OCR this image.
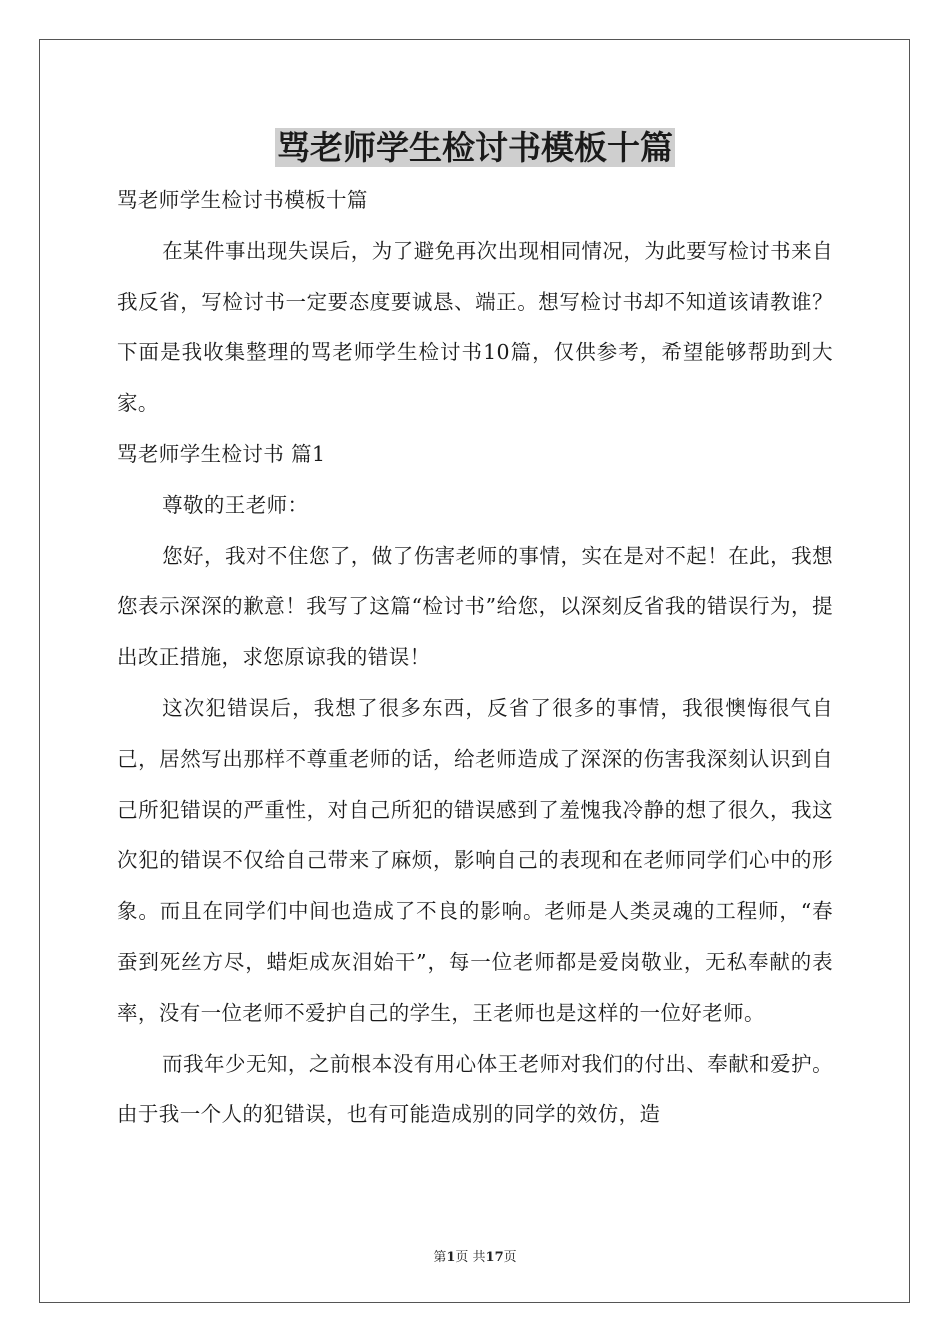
骂老师学生检讨书模板十篇

骂老师学生检讨书模板十篇

在某件事出现失误后，为了避免再次出现相同情况，为此要写检讨书来自我反省，写检讨书一定要态度要诚恳、端正。想写检讨书却不知道该请教谁？下面是我收集整理的骂老师学生检讨书10篇，仅供参考，希望能够帮助到大家。

骂老师学生检讨书 篇1

尊敬的王老师：

您好，我对不住您了，做了伤害老师的事情，实在是对不起！在此，我想您表示深深的歉意！我写了这篇“检讨书”给您，以深刻反省我的错误行为，提出改正措施，求您原谅我的错误！

这次犯错误后，我想了很多东西，反省了很多的事情，我很懊悔很气自己，居然写出那样不尊重老师的话，给老师造成了深深的伤害我深刻认识到自己所犯错误的严重性，对自己所犯的错误感到了羞愧我冷静的想了很久，我这次犯的错误不仅给自己带来了麻烦，影响自己的表现和在老师同学们心中的形象。而且在同学们中间也造成了不良的影响。老师是人类灵魂的工程师，“春蚕到死丝方尽，蜡炬成灰泪始干”，每一位老师都是爱岗敬业，无私奉献的表率，没有一位老师不爱护自己的学生，王老师也是这样的一位好老师。

而我年少无知，之前根本没有用心体王老师对我们的付出、奉献和爱护。由于我一个人的犯错误，也有可能造成别的同学的效仿，造

第1页 共17页
